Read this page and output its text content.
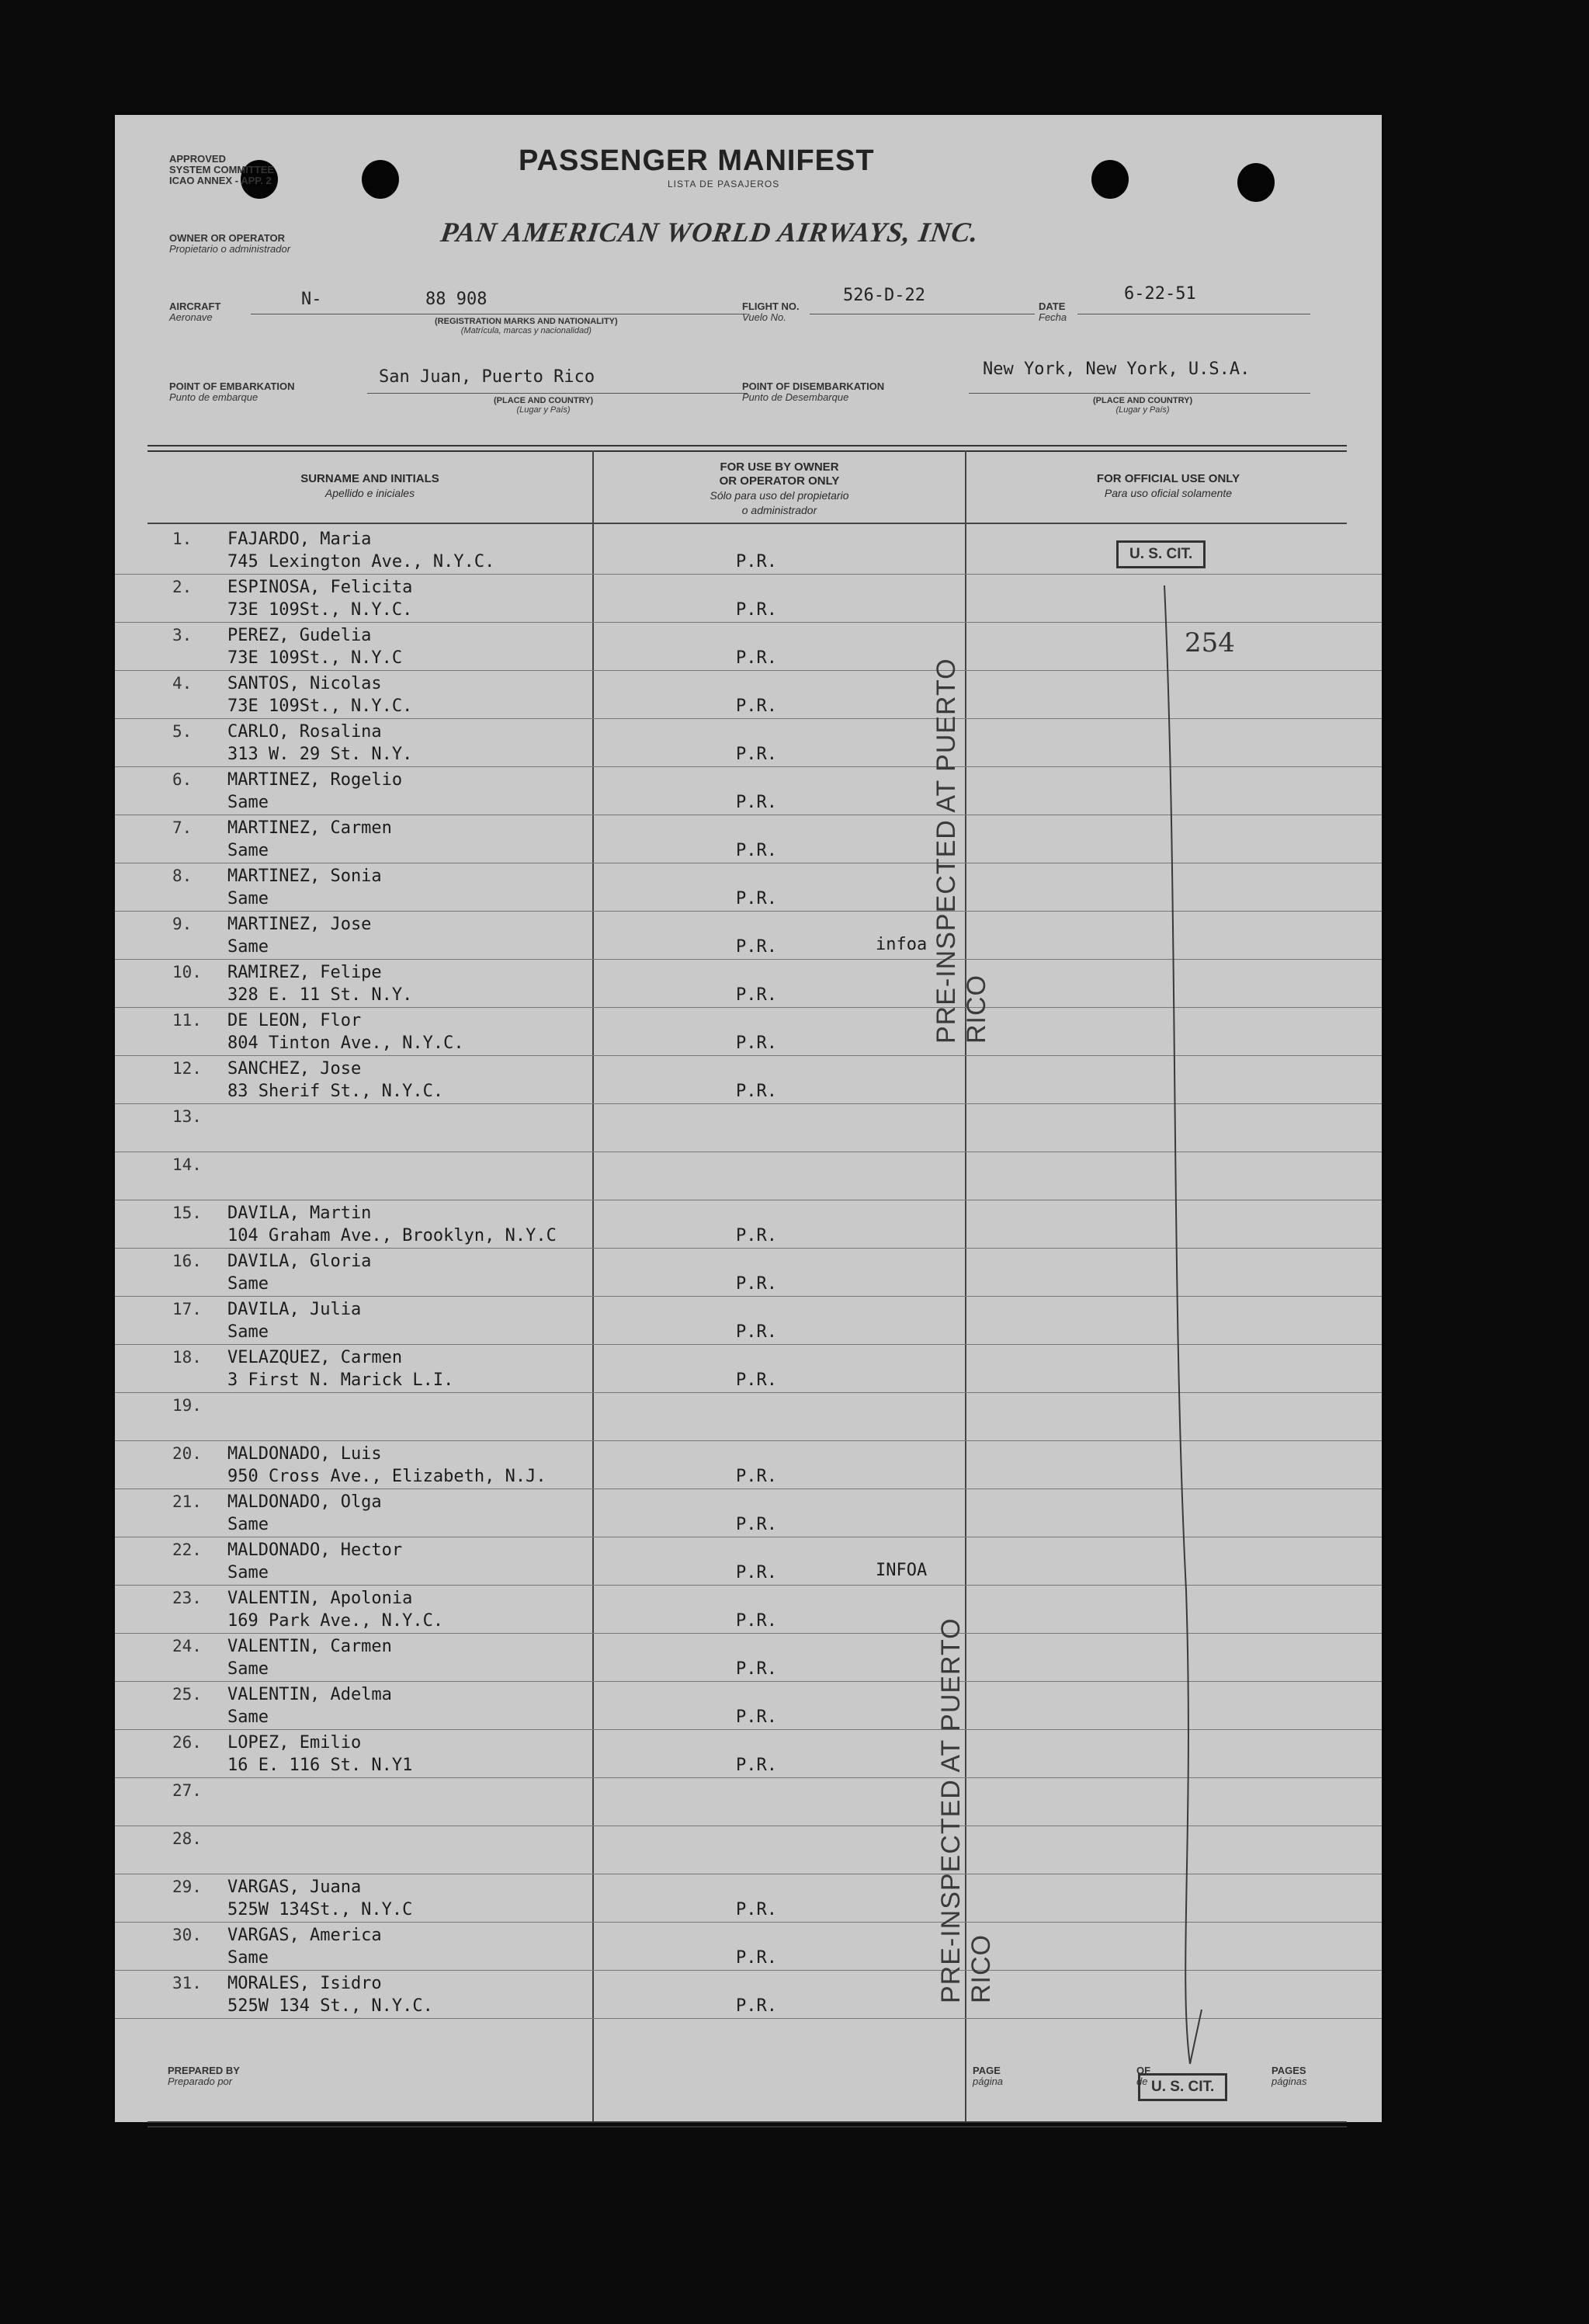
APPROVED
SYSTEM COMMITTEE
ICAO ANNEX - APP. 2
PASSENGER MANIFEST
LISTA DE PASAJEROS
OWNER OR OPERATOR
Propietario o administrador
PAN AMERICAN WORLD AIRWAYS, INC.
AIRCRAFT
Aeronave
N-	88 908
(REGISTRATION MARKS AND NATIONALITY)
(Matrícula, marcas y nacionalidad)
FLIGHT NO.
Vuelo No.
526-D-22
DATE
Fecha
6-22-51
POINT OF EMBARKATION
Punto de embarque
San Juan, Puerto Rico
(PLACE AND COUNTRY)
(Lugar y País)
POINT OF DISEMBARKATION
Punto de Desembarque
New York, New York, U.S.A.
(PLACE AND COUNTRY)
(Lugar y País)
SURNAME AND INITIALS
Apellido e iniciales
FOR USE BY OWNER
OR OPERATOR ONLY
Sólo para uso del propietario
o administrador
FOR OFFICIAL USE ONLY
Para uso oficial solamente
1. FAJARDO, Maria
745 Lexington Ave., N.Y.C.	P.R.
2. ESPINOSA, Felicita
73E 109St., N.Y.C.	P.R.
3. PEREZ, Gudelia
73E 109St., N.Y.C	P.R.
4. SANTOS, Nicolas
73E 109St., N.Y.C.	P.R.
5. CARLO, Rosalina
313 W. 29 St. N.Y.	P.R.
6. MARTINEZ, Rogelio
Same	P.R.
7. MARTINEZ, Carmen
Same	P.R.
8. MARTINEZ, Sonia
Same	P.R.
9. MARTINEZ, Jose
Same	P.R.	infoa
10. RAMIREZ, Felipe
328 E. 11 St. N.Y.	P.R.
11. DE LEON, Flor
804 Tinton Ave., N.Y.C.	P.R.
12. SANCHEZ, Jose
83 Sherif St., N.Y.C.	P.R.
13.
14.
15. DAVILA, Martin
104 Graham Ave., Brooklyn, N.Y.C	P.R.
16. DAVILA, Gloria
Same	P.R.
17. DAVILA, Julia
Same	P.R.
18. VELAZQUEZ, Carmen
3 First N. Marick L.I.	P.R.
19.
20. MALDONADO, Luis
950 Cross Ave., Elizabeth, N.J.	P.R.
21. MALDONADO, Olga
Same	P.R.
22. MALDONADO, Hector
Same	P.R.	INFOA
23. VALENTIN, Apolonia
169 Park Ave., N.Y.C.	P.R.
24. VALENTIN, Carmen
Same	P.R.
25. VALENTIN, Adelma
Same	P.R.
26. LOPEZ, Emilio
16 E. 116 St. N.Y1	P.R.
27.
28.
29. VARGAS, Juana
525W 134St., N.Y.C	P.R.
30. VARGAS, America
Same	P.R.
31. MORALES, Isidro
525W 134 St., N.Y.C.	P.R.
U. S. CIT.
254
U. S. CIT.
PRE-INSPECTED AT PUERTO RICO
PRE-INSPECTED AT PUERTO RICO
PREPARED BY
Preparado por
PAGE
página
OF
de
PAGES
páginas
